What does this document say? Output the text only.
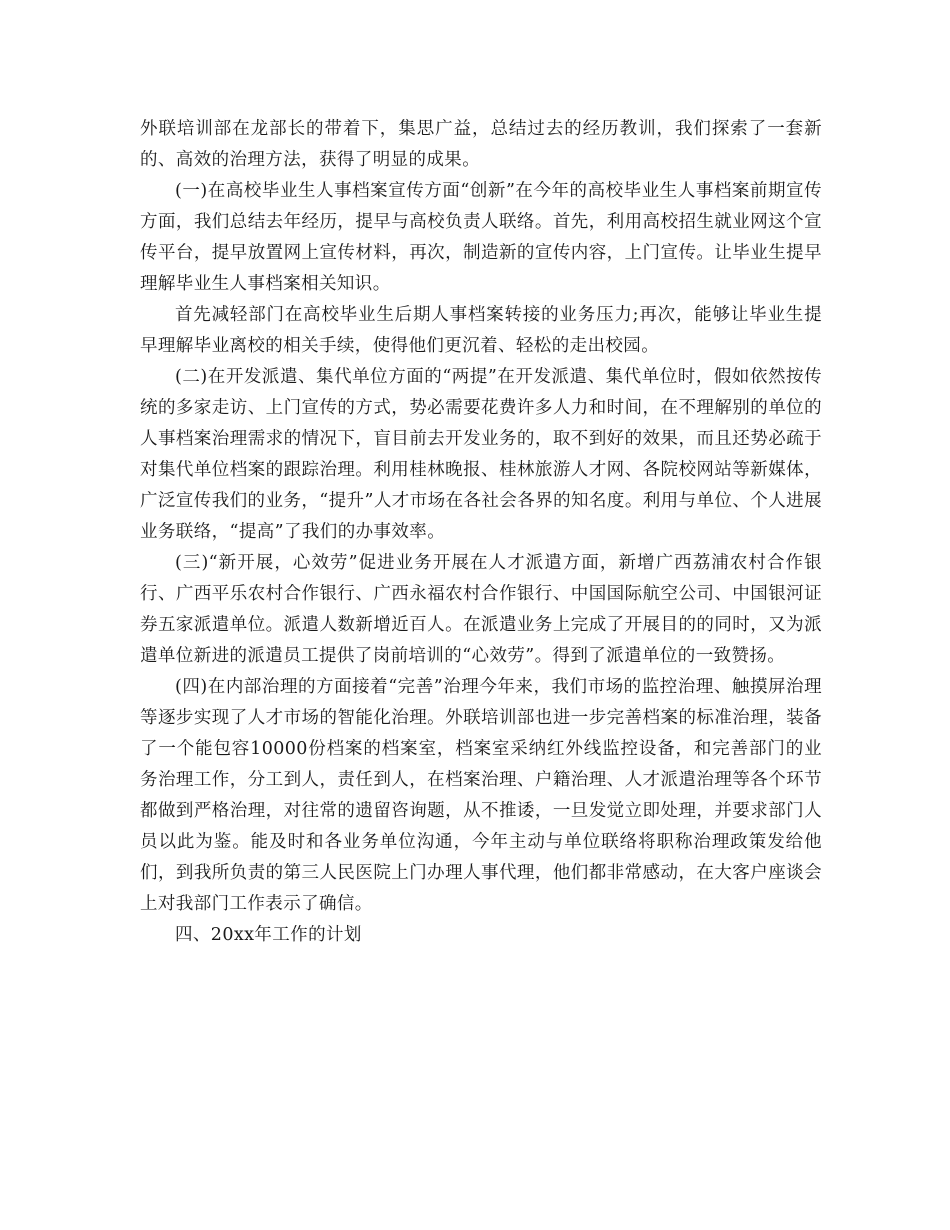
外联培训部在龙部长的带着下，集思广益，总结过去的经历教训，我们探索了一套新的、高效的治理方法，获得了明显的成果。

(一)在高校毕业生人事档案宣传方面“创新”在今年的高校毕业生人事档案前期宣传方面，我们总结去年经历，提早与高校负责人联络。首先，利用高校招生就业网这个宣传平台，提早放置网上宣传材料，再次，制造新的宣传内容，上门宣传。让毕业生提早理解毕业生人事档案相关知识。

首先减轻部门在高校毕业生后期人事档案转接的业务压力;再次，能够让毕业生提早理解毕业离校的相关手续，使得他们更沉着、轻松的走出校园。

(二)在开发派遣、集代单位方面的“两提”在开发派遣、集代单位时，假如依然按传统的多家走访、上门宣传的方式，势必需要花费许多人力和时间，在不理解别的单位的人事档案治理需求的情况下，盲目前去开发业务的，取不到好的效果，而且还势必疏于对集代单位档案的跟踪治理。利用桂林晚报、桂林旅游人才网、各院校网站等新媒体，广泛宣传我们的业务，“提升”人才市场在各社会各界的知名度。利用与单位、个人进展业务联络，“提高”了我们的办事效率。

(三)“新开展，心效劳”促进业务开展在人才派遣方面，新增广西荔浦农村合作银行、广西平乐农村合作银行、广西永福农村合作银行、中国国际航空公司、中国银河证券五家派遣单位。派遣人数新增近百人。在派遣业务上完成了开展目的的同时，又为派遣单位新进的派遣员工提供了岗前培训的“心效劳”。得到了派遣单位的一致赞扬。

(四)在内部治理的方面接着“完善”治理今年来，我们市场的监控治理、触摸屏治理等逐步实现了人才市场的智能化治理。外联培训部也进一步完善档案的标准治理，装备了一个能包容10000份档案的档案室，档案室采纳红外线监控设备，和完善部门的业务治理工作，分工到人，责任到人，在档案治理、户籍治理、人才派遣治理等各个环节都做到严格治理，对往常的遗留咨询题，从不推诿，一旦发觉立即处理，并要求部门人员以此为鉴。能及时和各业务单位沟通，今年主动与单位联络将职称治理政策发给他们，到我所负责的第三人民医院上门办理人事代理，他们都非常感动，在大客户座谈会上对我部门工作表示了确信。

四、20xx年工作的计划
